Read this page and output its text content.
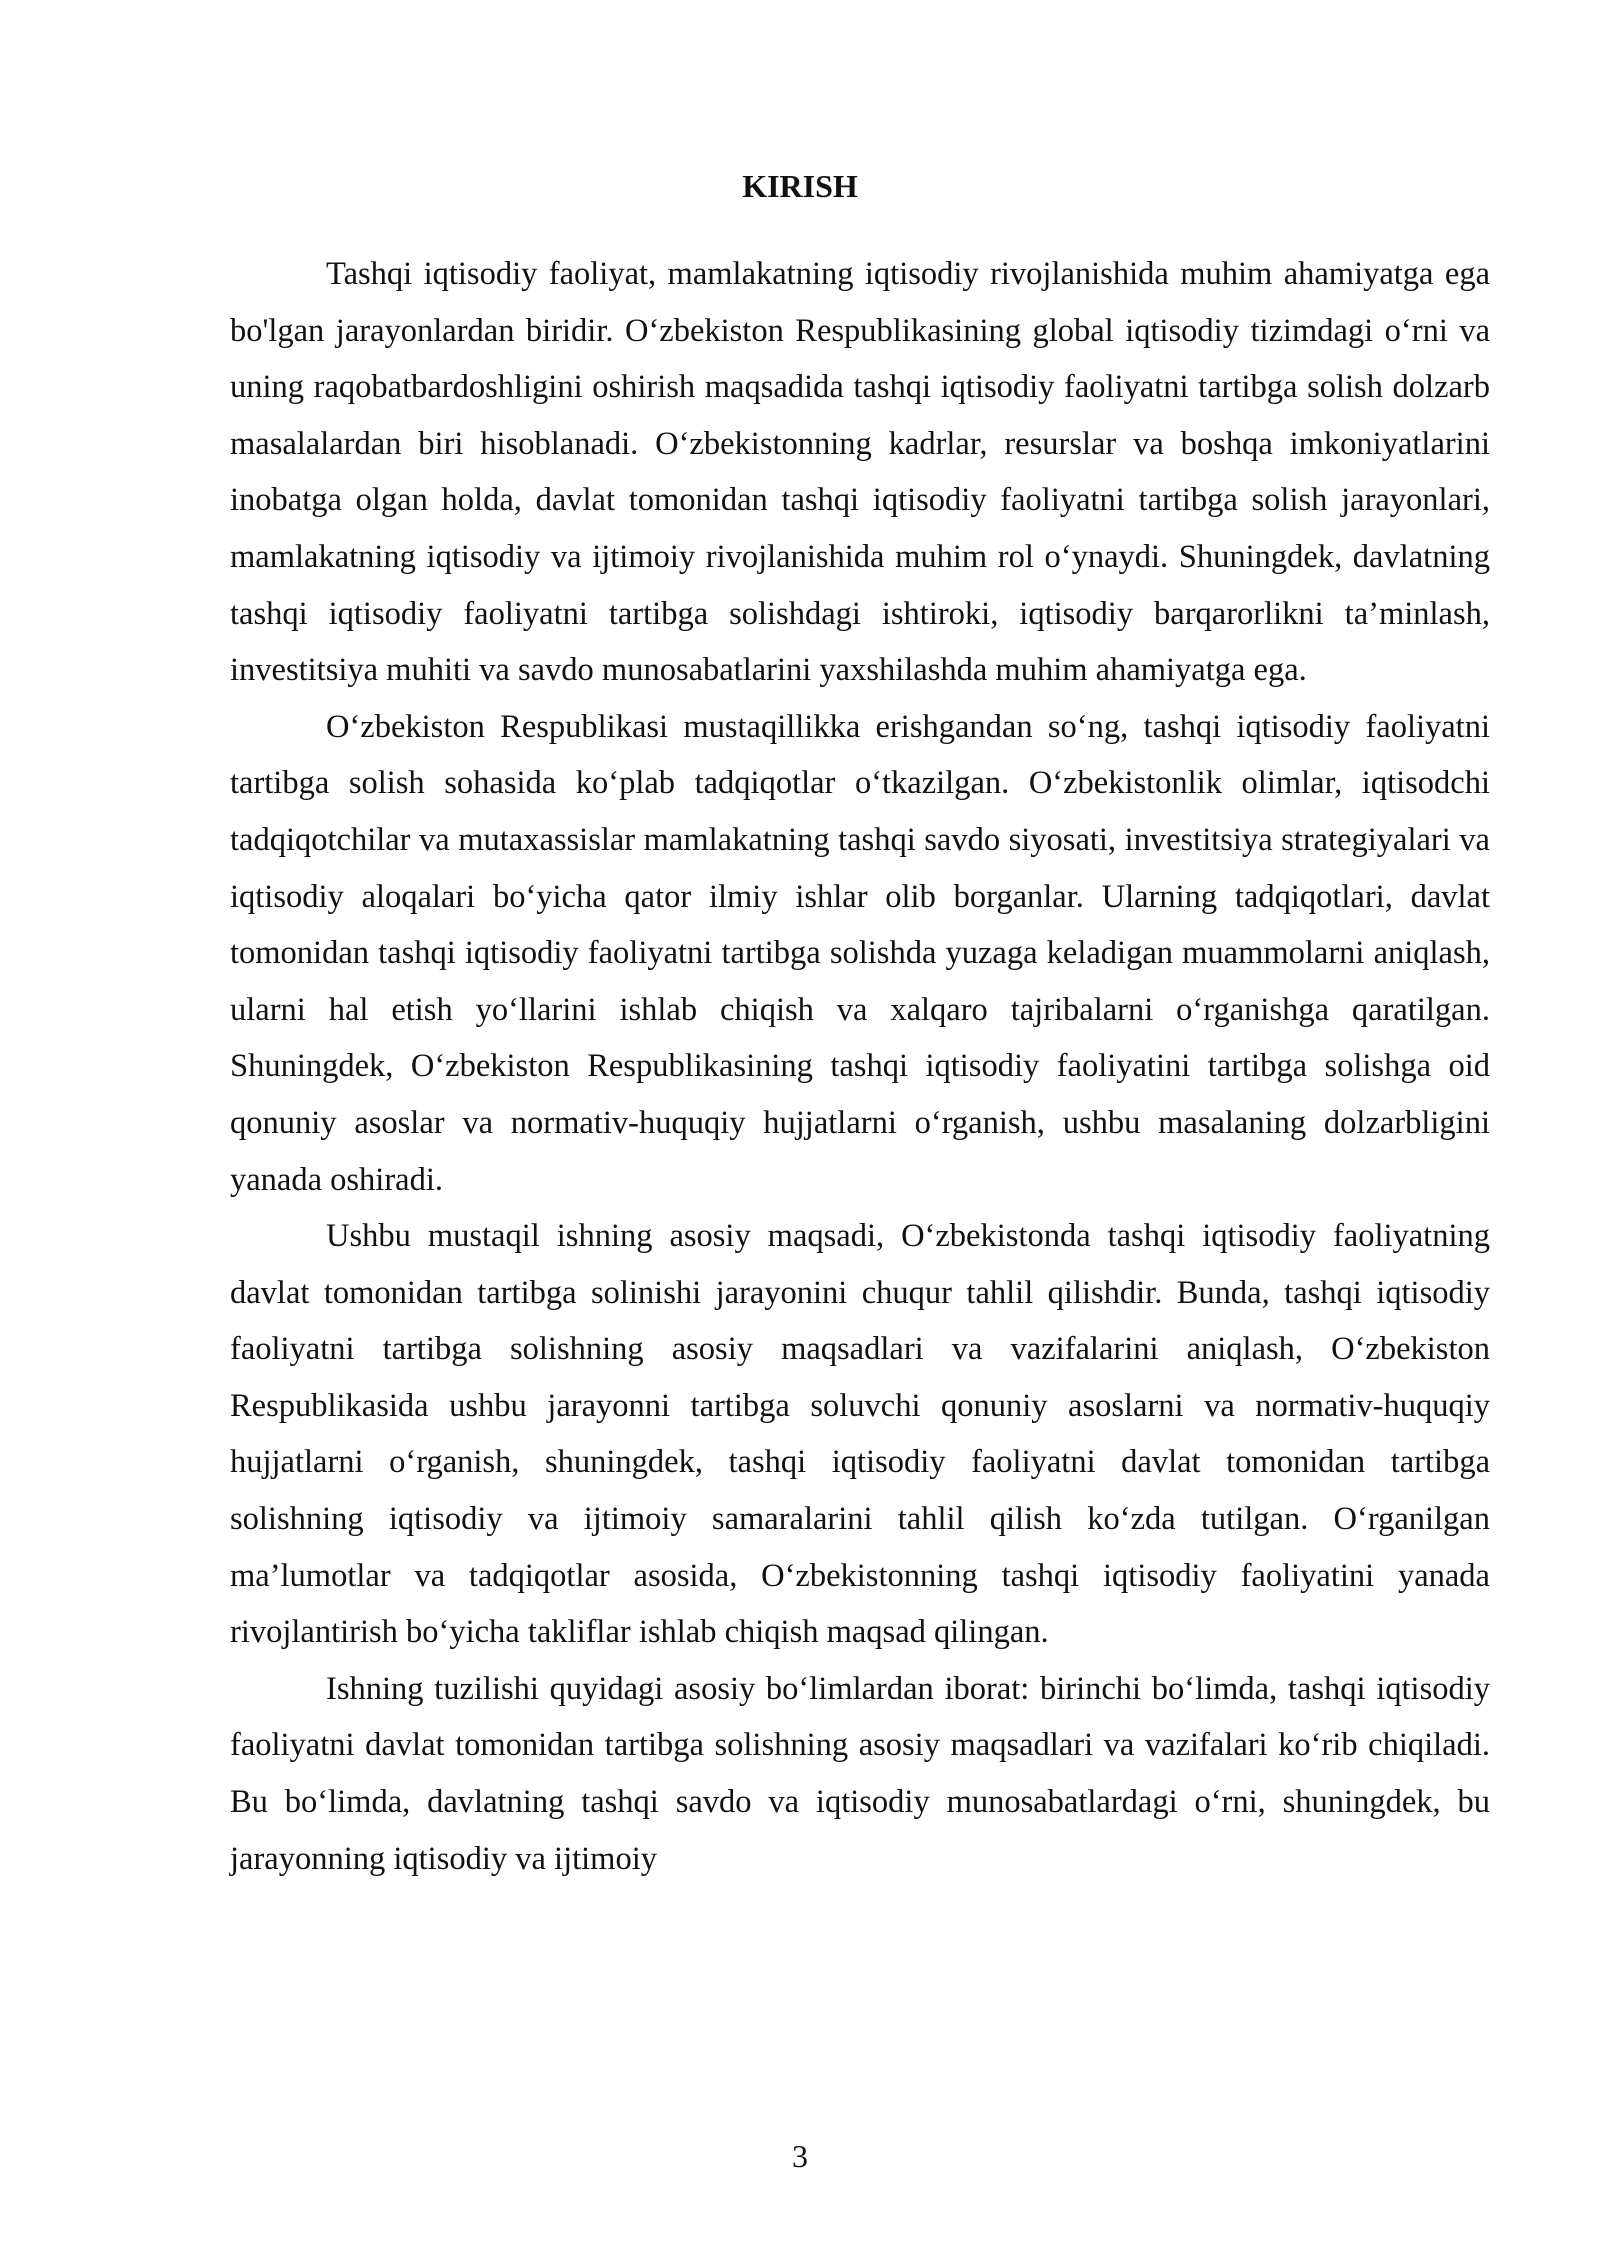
KIRISH

Tashqi iqtisodiy faoliyat, mamlakatning iqtisodiy rivojlanishida muhim ahamiyatga ega bo'lgan jarayonlardan biridir. O‘zbekiston Respublikasining global iqtisodiy tizimdagi o‘rni va uning raqobatbardoshligini oshirish maqsadida tashqi iqtisodiy faoliyatni tartibga solish dolzarb masalalardan biri hisoblanadi. O‘zbekistonning kadrlar, resurslar va boshqa imkoniyatlarini inobatga olgan holda, davlat tomonidan tashqi iqtisodiy faoliyatni tartibga solish jarayonlari, mamlakatning iqtisodiy va ijtimoiy rivojlanishida muhim rol o‘ynaydi. Shuningdek, davlatning tashqi iqtisodiy faoliyatni tartibga solishdagi ishtiroki, iqtisodiy barqarorlikni ta’minlash, investitsiya muhiti va savdo munosabatlarini yaxshilashda muhim ahamiyatga ega.

O‘zbekiston Respublikasi mustaqillikka erishgandan so‘ng, tashqi iqtisodiy faoliyatni tartibga solish sohasida ko‘plab tadqiqotlar o‘tkazilgan. O‘zbekistonlik olimlar, iqtisodchi tadqiqotchilar va mutaxassislar mamlakatning tashqi savdo siyosati, investitsiya strategiyalari va iqtisodiy aloqalari bo‘yicha qator ilmiy ishlar olib borganlar. Ularning tadqiqotlari, davlat tomonidan tashqi iqtisodiy faoliyatni tartibga solishda yuzaga keladigan muammolarni aniqlash, ularni hal etish yo‘llarini ishlab chiqish va xalqaro tajribalarni o‘rganishga qaratilgan. Shuningdek, O‘zbekiston Respublikasining tashqi iqtisodiy faoliyatini tartibga solishga oid qonuniy asoslar va normativ-huquqiy hujjatlarni o‘rganish, ushbu masalaning dolzarbligini yanada oshiradi.

Ushbu mustaqil ishning asosiy maqsadi, O‘zbekistonda tashqi iqtisodiy faoliyatning davlat tomonidan tartibga solinishi jarayonini chuqur tahlil qilishdir. Bunda, tashqi iqtisodiy faoliyatni tartibga solishning asosiy maqsadlari va vazifalarini aniqlash, O‘zbekiston Respublikasida ushbu jarayonni tartibga soluvchi qonuniy asoslarni va normativ-huquqiy hujjatlarni o‘rganish, shuningdek, tashqi iqtisodiy faoliyatni davlat tomonidan tartibga solishning iqtisodiy va ijtimoiy samaralarini tahlil qilish ko‘zda tutilgan. O‘rganilgan ma’lumotlar va tadqiqotlar asosida, O‘zbekistonning tashqi iqtisodiy faoliyatini yanada rivojlantirish bo‘yicha takliflar ishlab chiqish maqsad qilingan.

Ishning tuzilishi quyidagi asosiy bo‘limlardan iborat: birinchi bo‘limda, tashqi iqtisodiy faoliyatni davlat tomonidan tartibga solishning asosiy maqsadlari va vazifalari ko‘rib chiqiladi. Bu bo‘limda, davlatning tashqi savdo va iqtisodiy munosabatlardagi o‘rni, shuningdek, bu jarayonning iqtisodiy va ijtimoiy

3
